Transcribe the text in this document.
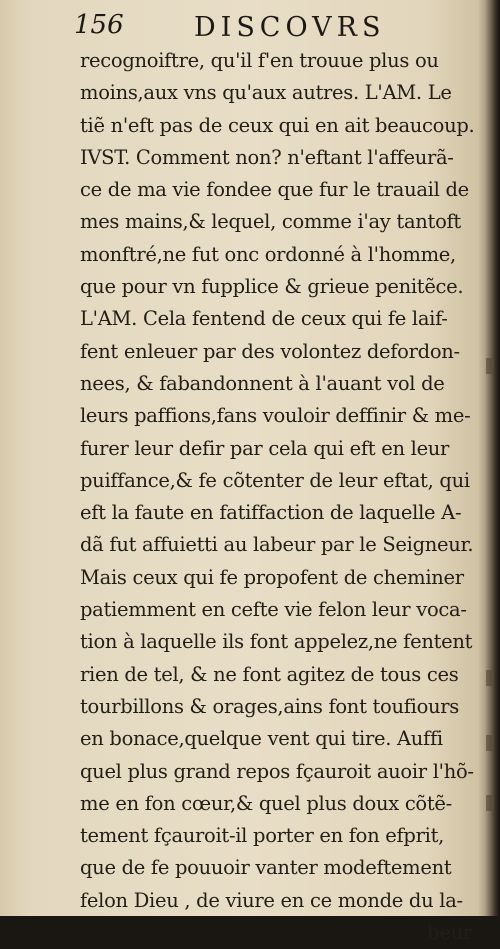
156	DISCOVRS
recognoiftre, qu'il f'en trouue plus ou
moins,aux vns qu'aux autres. L'AM. Le
tiẽ n'eft pas de ceux qui en ait beaucoup.
IVST. Comment non? n'eftant l'affeurã-
ce de ma vie fondee que fur le trauail de
mes mains,& lequel, comme i'ay tantoft
monftré,ne fut onc ordonné à l'homme,
que pour vn fupplice & grieue penitẽce.
L'AM. Cela fentend de ceux qui fe laif-
fent enleuer par des volontez defordon-
nees, & fabandonnent à l'auant vol de
leurs paffions,fans vouloir deffinir & me-
furer leur defir par cela qui eft en leur
puiffance,& fe cõtenter de leur eftat, qui
eft la faute en fatiffaction de laquelle A-
dã fut affuietti au labeur par le Seigneur.
Mais ceux qui fe propofent de cheminer
patiemment en cefte vie felon leur voca-
tion à laquelle ils font appelez,ne fentent
rien de tel, & ne font agitez de tous ces
tourbillons & orages,ains font toufiours
en bonace,quelque vent qui tire. Auffi
quel plus grand repos fçauroit auoir l'hõ-
me en fon cœur,& quel plus doux cõtẽ-
tement fçauroit-il porter en fon efprit,
que de fe pouuoir vanter modeftement
felon Dieu , de viure en ce monde du la-
beur
